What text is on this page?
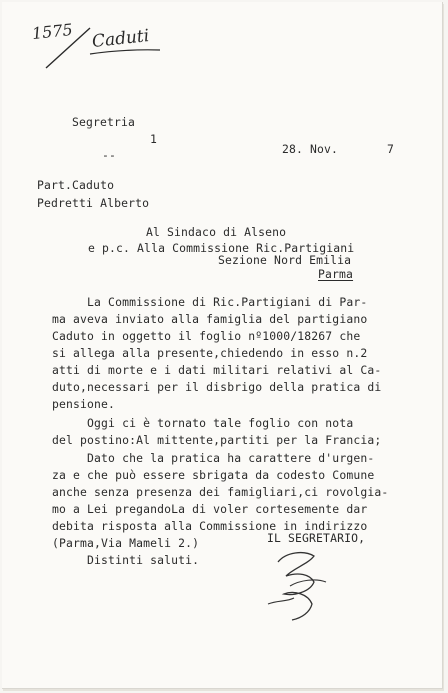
1575 Caduti
Segretria
1
--	28. Nov.	7
Part.Caduto
Pedretti Alberto
Al Sindaco di Alseno
e p.c. Alla Commissione Ric.Partigiani
Sezione Nord Emilia
Parma
La Commissione di Ric.Partigiani di Par-
ma aveva inviato alla famiglia del partigiano
Caduto in oggetto il foglio nº1000/18267 che
si allega alla presente,chiedendo in esso n.2
atti di morte e i dati militari relativi al Ca-
duto,necessari per il disbrigo della pratica di
pensione.
Oggi ci è tornato tale foglio con nota
del postino:Al mittente,partiti per la Francia;
Dato che la pratica ha carattere d'urgen-
za e che può essere sbrigata da codesto Comune
anche senza presenza dei famigliari,ci rovolgia-
mo a Lei pregandoLa di voler cortesemente dar
debita risposta alla Commissione in indirizzo
(Parma,Via Mameli 2.)
Distinti saluti.
IL SEGRETARIO,
